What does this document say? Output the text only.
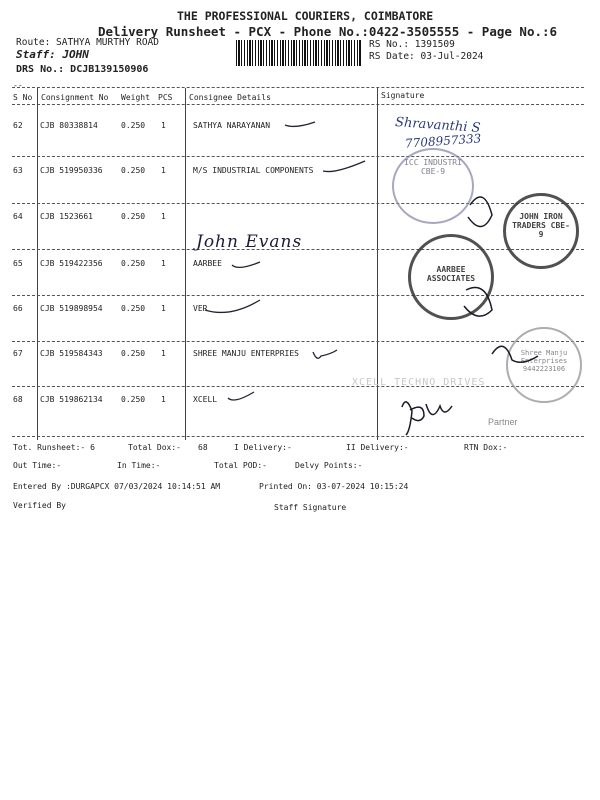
THE PROFESSIONAL COURIERS, COIMBATORE
Delivery Runsheet - PCX - Phone No.:0422-3505555 - Page No.:6
Route: SATHYA MURTHY ROAD
Staff: JOHN
DRS No.: DCJB139150906
RS No.: 1391509
RS Date: 03-Jul-2024
--
S No Consignment No Weight PCS Consignee Details	Signature
62 CJB 80338814	0.250 1	SATHYA NARAYANAN
63 CJB 519950336 0.250 1	M/S INDUSTRIAL COMPONENTS
64 CJB 1523661	0.250 1
65 CJB 519422356 0.250 1	AARBEE
66 CJB 519898954 0.250 1	VER
67 CJB 519584343 0.250 1	SHREE MANJU ENTERPRIES
68 CJB 519862134 0.250 1	XCELL
Shravanthi S
7708957333
John Evans
ICC INDUSTRI CBE-9
JOHN IRON TRADERS CBE-9
AARBEE ASSOCIATES
Shree Manju Enterprises 9442223106
XCELL TECHNO DRIVES
Partner
Tot. Runsheet:- 6	Total Dox:- 68	I Delivery:-	II Delivery:-	RTN Dox:-
Out Time:-	In Time:-	Total POD:-	Delvy Points:-
Entered By :DURGAPCX 07/03/2024 10:14:51 AM	Printed On: 03-07-2024 10:15:24
Verified By	Staff Signature
